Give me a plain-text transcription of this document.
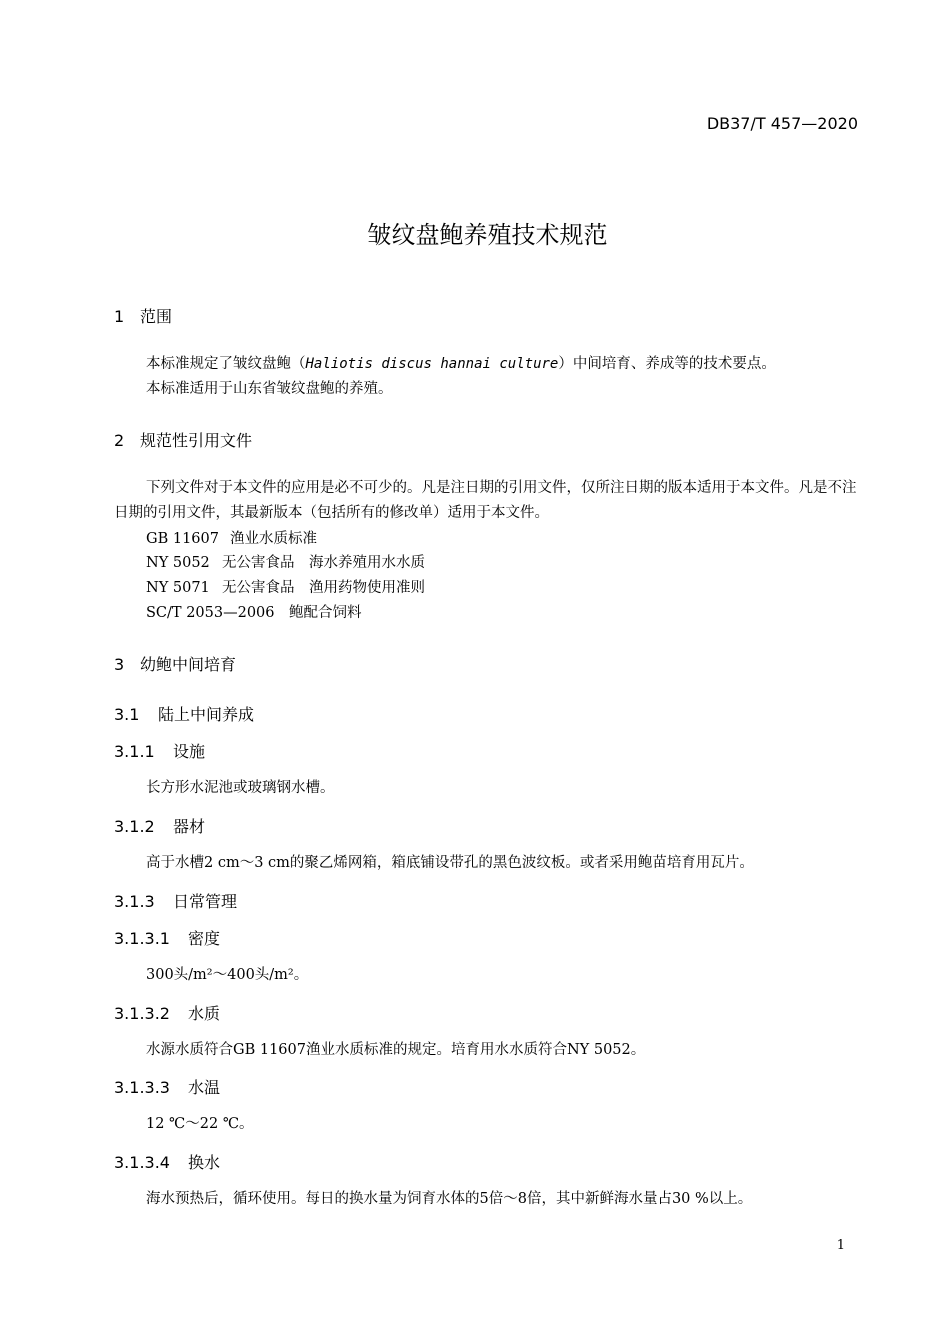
DB37/T 457—2020
皱纹盘鲍养殖技术规范
1 范围
本标准规定了皱纹盘鲍（Haliotis discus hannai culture）中间培育、养成等的技术要点。
本标准适用于山东省皱纹盘鲍的养殖。
2 规范性引用文件
下列文件对于本文件的应用是必不可少的。凡是注日期的引用文件，仅所注日期的版本适用于本文件。凡是不注日期的引用文件，其最新版本（包括所有的修改单）适用于本文件。
GB 11607 渔业水质标准
NY 5052 无公害食品　海水养殖用水水质
NY 5071 无公害食品　渔用药物使用准则
SC/T 2053—2006 鲍配合饲料
3 幼鲍中间培育
3.1 陆上中间养成
3.1.1 设施
长方形水泥池或玻璃钢水槽。
3.1.2 器材
高于水槽2 cm～3 cm的聚乙烯网箱，箱底铺设带孔的黑色波纹板。或者采用鲍苗培育用瓦片。
3.1.3 日常管理
3.1.3.1 密度
300头/m²～400头/m²。
3.1.3.2 水质
水源水质符合GB 11607渔业水质标准的规定。培育用水水质符合NY 5052。
3.1.3.3 水温
12 ℃～22 ℃。
3.1.3.4 换水
海水预热后，循环使用。每日的换水量为饲育水体的5倍～8倍，其中新鲜海水量占30 %以上。
1
